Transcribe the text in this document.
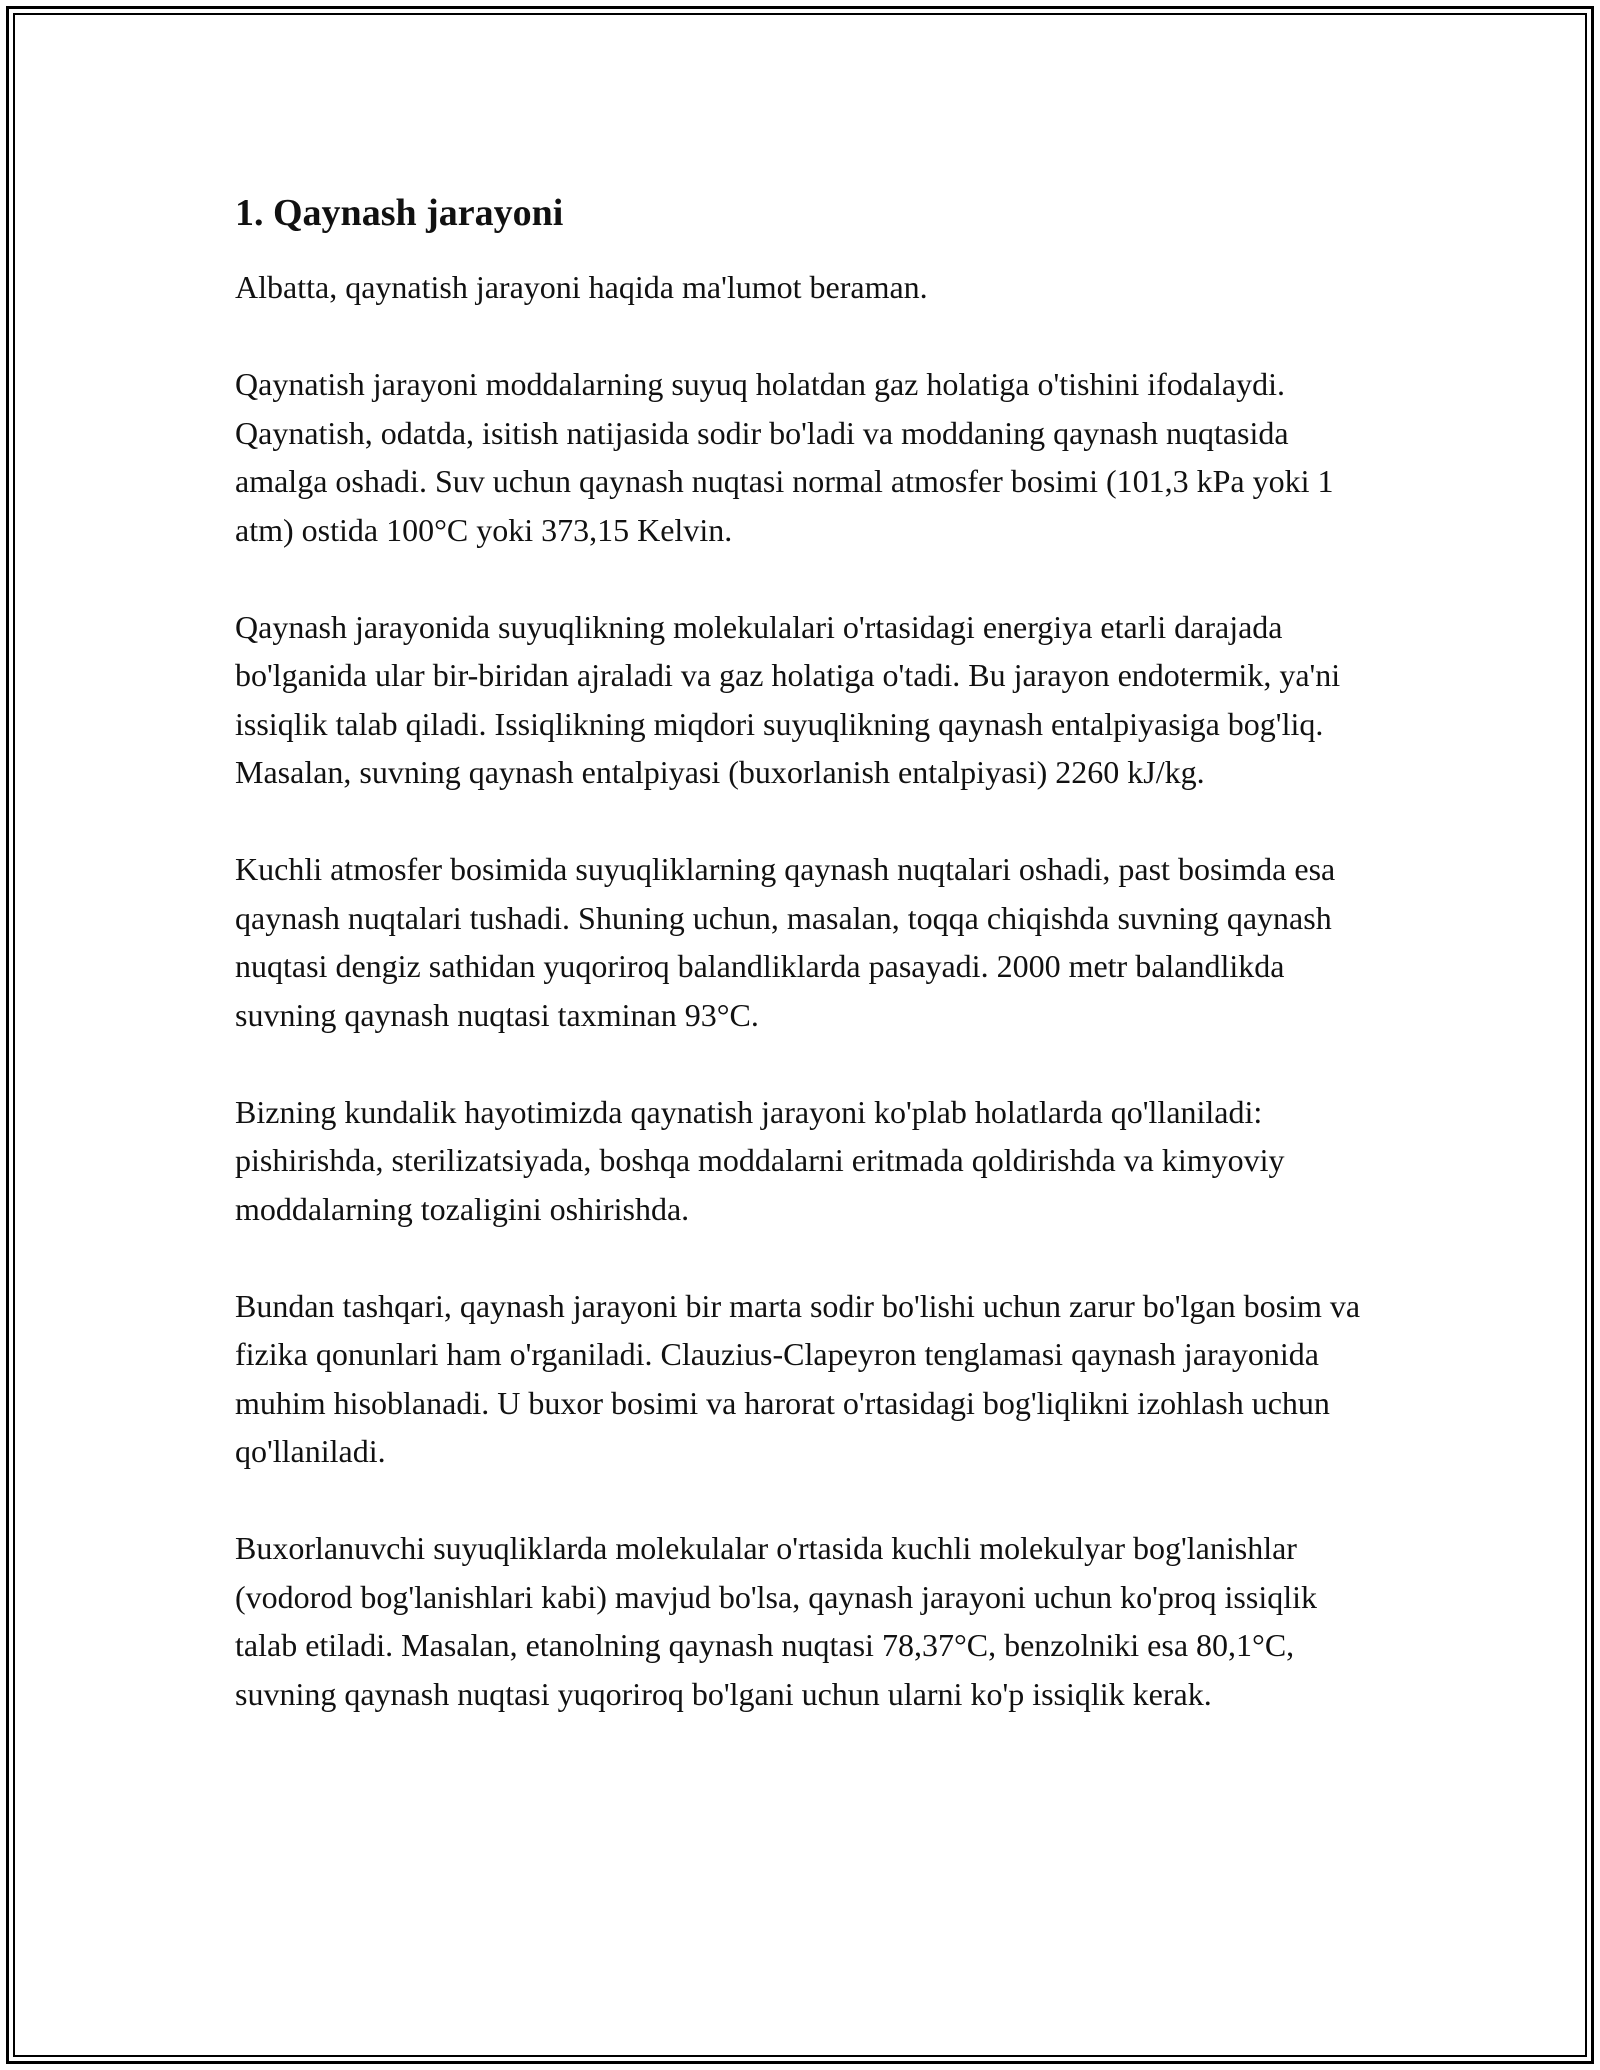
1. Qaynash jarayoni

Albatta, qaynatish jarayoni haqida ma'lumot beraman.

Qaynatish jarayoni moddalarning suyuq holatdan gaz holatiga o'tishini ifodalaydi. Qaynatish, odatda, isitish natijasida sodir bo'ladi va moddaning qaynash nuqtasida amalga oshadi. Suv uchun qaynash nuqtasi normal atmosfer bosimi (101,3 kPa yoki 1 atm) ostida 100°C yoki 373,15 Kelvin.

Qaynash jarayonida suyuqlikning molekulalari o'rtasidagi energiya etarli darajada bo'lganida ular bir-biridan ajraladi va gaz holatiga o'tadi. Bu jarayon endotermik, ya'ni issiqlik talab qiladi. Issiqlikning miqdori suyuqlikning qaynash entalpiyasiga bog'liq. Masalan, suvning qaynash entalpiyasi (buxorlanish entalpiyasi) 2260 kJ/kg.

Kuchli atmosfer bosimida suyuqliklarning qaynash nuqtalari oshadi, past bosimda esa qaynash nuqtalari tushadi. Shuning uchun, masalan, toqqa chiqishda suvning qaynash nuqtasi dengiz sathidan yuqoriroq balandliklarda pasayadi. 2000 metr balandlikda suvning qaynash nuqtasi taxminan 93°C.

Bizning kundalik hayotimizda qaynatish jarayoni ko'plab holatlarda qo'llaniladi: pishirishda, sterilizatsiyada, boshqa moddalarni eritmada qoldirishda va kimyoviy moddalarning tozaligini oshirishda.

Bundan tashqari, qaynash jarayoni bir marta sodir bo'lishi uchun zarur bo'lgan bosim va fizika qonunlari ham o'rganiladi. Clauzius-Clapeyron tenglamasi qaynash jarayonida muhim hisoblanadi. U buxor bosimi va harorat o'rtasidagi bog'liqlikni izohlash uchun qo'llaniladi.

Buxorlanuvchi suyuqliklarda molekulalar o'rtasida kuchli molekulyar bog'lanishlar (vodorod bog'lanishlari kabi) mavjud bo'lsa, qaynash jarayoni uchun ko'proq issiqlik talab etiladi. Masalan, etanolning qaynash nuqtasi 78,37°C, benzolniki esa 80,1°C, suvning qaynash nuqtasi yuqoriroq bo'lgani uchun ularni ko'p issiqlik kerak.
